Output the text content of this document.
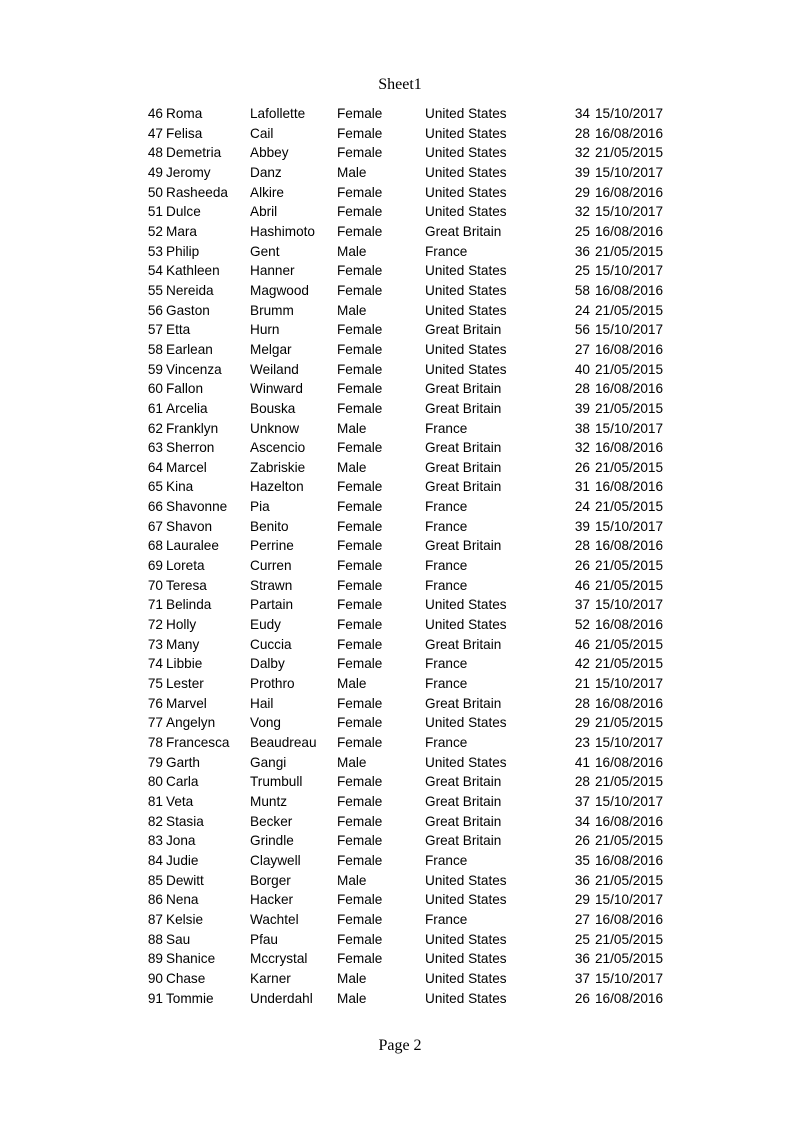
Sheet1
46 Roma	Lafollette	Female	United States	34 15/10/2017
47 Felisa	Cail	Female	United States	28 16/08/2016
48 Demetria	Abbey	Female	United States	32 21/05/2015
49 Jeromy	Danz	Male	United States	39 15/10/2017
50 Rasheeda	Alkire	Female	United States	29 16/08/2016
51 Dulce	Abril	Female	United States	32 15/10/2017
52 Mara	Hashimoto	Female	Great Britain	25 16/08/2016
53 Philip	Gent	Male	France	36 21/05/2015
54 Kathleen	Hanner	Female	United States	25 15/10/2017
55 Nereida	Magwood	Female	United States	58 16/08/2016
56 Gaston	Brumm	Male	United States	24 21/05/2015
57 Etta	Hurn	Female	Great Britain	56 15/10/2017
58 Earlean	Melgar	Female	United States	27 16/08/2016
59 Vincenza	Weiland	Female	United States	40 21/05/2015
60 Fallon	Winward	Female	Great Britain	28 16/08/2016
61 Arcelia	Bouska	Female	Great Britain	39 21/05/2015
62 Franklyn	Unknow	Male	France	38 15/10/2017
63 Sherron	Ascencio	Female	Great Britain	32 16/08/2016
64 Marcel	Zabriskie	Male	Great Britain	26 21/05/2015
65 Kina	Hazelton	Female	Great Britain	31 16/08/2016
66 Shavonne	Pia	Female	France	24 21/05/2015
67 Shavon	Benito	Female	France	39 15/10/2017
68 Lauralee	Perrine	Female	Great Britain	28 16/08/2016
69 Loreta	Curren	Female	France	26 21/05/2015
70 Teresa	Strawn	Female	France	46 21/05/2015
71 Belinda	Partain	Female	United States	37 15/10/2017
72 Holly	Eudy	Female	United States	52 16/08/2016
73 Many	Cuccia	Female	Great Britain	46 21/05/2015
74 Libbie	Dalby	Female	France	42 21/05/2015
75 Lester	Prothro	Male	France	21 15/10/2017
76 Marvel	Hail	Female	Great Britain	28 16/08/2016
77 Angelyn	Vong	Female	United States	29 21/05/2015
78 Francesca	Beaudreau	Female	France	23 15/10/2017
79 Garth	Gangi	Male	United States	41 16/08/2016
80 Carla	Trumbull	Female	Great Britain	28 21/05/2015
81 Veta	Muntz	Female	Great Britain	37 15/10/2017
82 Stasia	Becker	Female	Great Britain	34 16/08/2016
83 Jona	Grindle	Female	Great Britain	26 21/05/2015
84 Judie	Claywell	Female	France	35 16/08/2016
85 Dewitt	Borger	Male	United States	36 21/05/2015
86 Nena	Hacker	Female	United States	29 15/10/2017
87 Kelsie	Wachtel	Female	France	27 16/08/2016
88 Sau	Pfau	Female	United States	25 21/05/2015
89 Shanice	Mccrystal	Female	United States	36 21/05/2015
90 Chase	Karner	Male	United States	37 15/10/2017
91 Tommie	Underdahl	Male	United States	26 16/08/2016
Page 2
